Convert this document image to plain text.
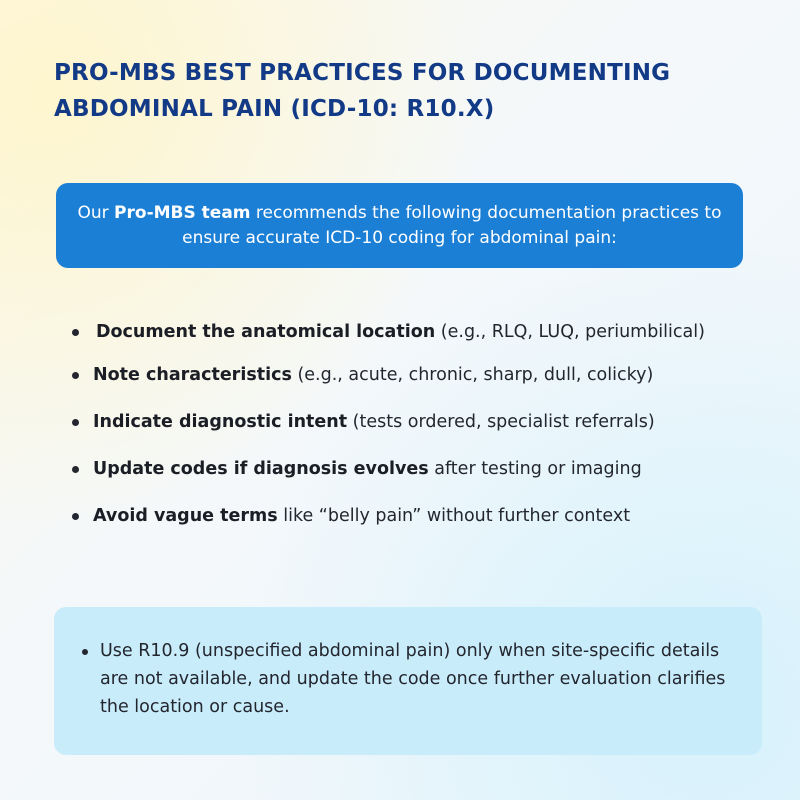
PRO-MBS BEST PRACTICES FOR DOCUMENTING
ABDOMINAL PAIN (ICD-10: R10.X)
Our Pro-MBS team recommends the following documentation practices to ensure accurate ICD-10 coding for abdominal pain:
Document the anatomical location (e.g., RLQ, LUQ, periumbilical)
Note characteristics (e.g., acute, chronic, sharp, dull, colicky)
Indicate diagnostic intent (tests ordered, specialist referrals)
Update codes if diagnosis evolves after testing or imaging
Avoid vague terms like “belly pain” without further context
Use R10.9 (unspecified abdominal pain) only when site-specific details are not available, and update the code once further evaluation clarifies the location or cause.
